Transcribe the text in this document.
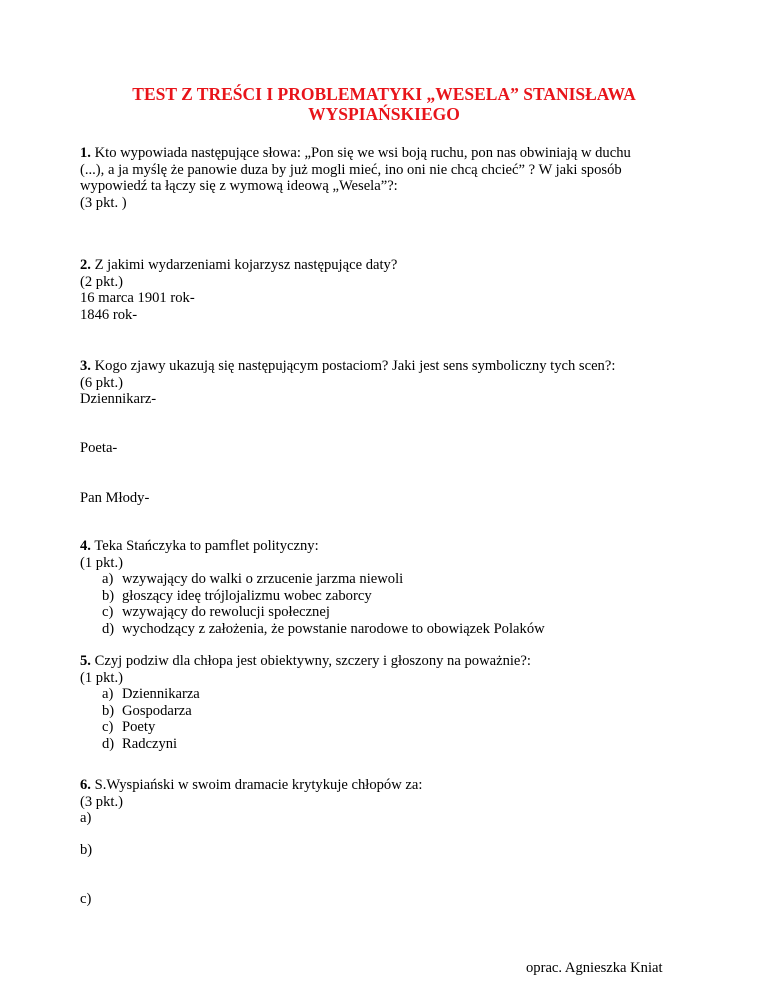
TEST Z TREŚCI I PROBLEMATYKI „WESELA” STANISŁAWA
WYSPIAŃSKIEGO
1. Kto wypowiada następujące słowa: „Pon się we wsi boją ruchu, pon nas obwiniają w duchu
(...), a ja myślę że panowie duza by już mogli mieć, ino oni nie chcą chcieć” ? W jaki sposób
wypowiedź ta łączy się z wymową ideową „Wesela”?:
(3 pkt. )
2. Z jakimi wydarzeniami kojarzysz następujące daty?
(2 pkt.)
16 marca 1901 rok-
1846 rok-
3. Kogo zjawy ukazują się następującym postaciom? Jaki jest sens symboliczny tych scen?:
(6 pkt.)
Dziennikarz-
Poeta-
Pan Młody-
4. Teka Stańczyka to pamflet polityczny:
(1 pkt.)
a) wzywający do walki o zrzucenie jarzma niewoli
b) głoszący ideę trójlojalizmu wobec zaborcy
c) wzywający do rewolucji społecznej
d) wychodzący z założenia, że powstanie narodowe to obowiązek Polaków
5. Czyj podziw dla chłopa jest obiektywny, szczery i głoszony na poważnie?:
(1 pkt.)
a) Dziennikarza
b) Gospodarza
c) Poety
d) Radczyni
6. S.Wyspiański w swoim dramacie krytykuje chłopów za:
(3 pkt.)
a)
b)
c)
oprac. Agnieszka Kniat
